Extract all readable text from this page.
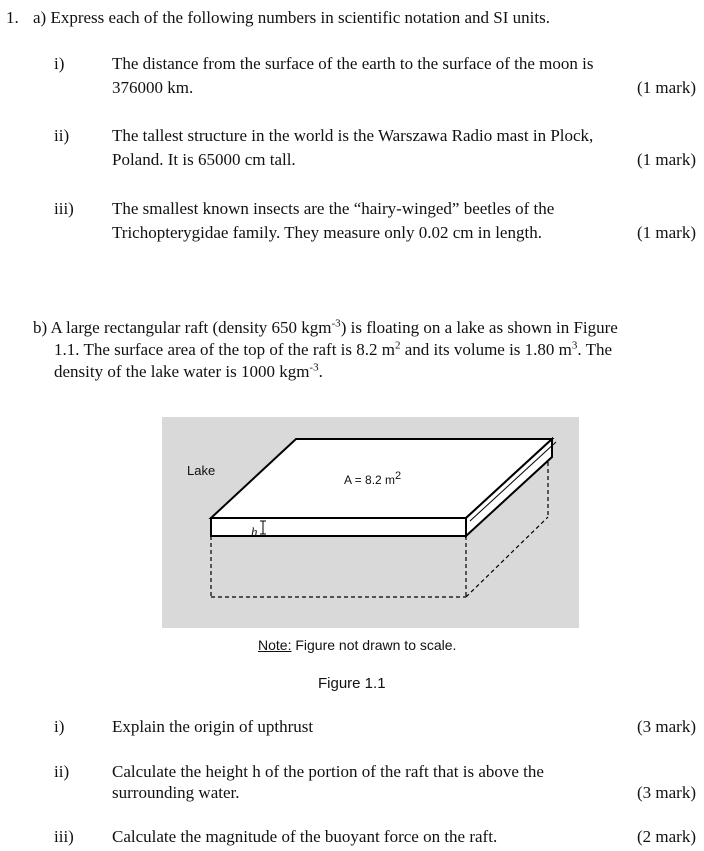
1. a) Express each of the following numbers in scientific notation and SI units.
i)	The distance from the surface of the earth to the surface of the moon is
376000 km.	(1 mark)
ii)	The tallest structure in the world is the Warszawa Radio mast in Plock,
Poland. It is 65000 cm tall.	(1 mark)
iii) The smallest known insects are the “hairy-winged” beetles of the
Trichopterygidae family. They measure only 0.02 cm in length.	(1 mark)
b) A large rectangular raft (density 650 kgm$^{-3}$) is floating on a lake as shown in Figure
1.1. The surface area of the top of the raft is 8.2 $m^2$ and its volume is 1.80 $m^3$. The
density of the lake water is 1000 kgm$^{-3}$.
Lake
A = 8.2 $m^2$
h
Note: Figure not drawn to scale.
Figure 1.1
i)	Explain the origin of upthrust	(3 mark)
ii)	Calculate the height h of the portion of the raft that is above the
surrounding water.	(3 mark)
iii) Calculate the magnitude of the buoyant force on the raft.	(2 mark)
